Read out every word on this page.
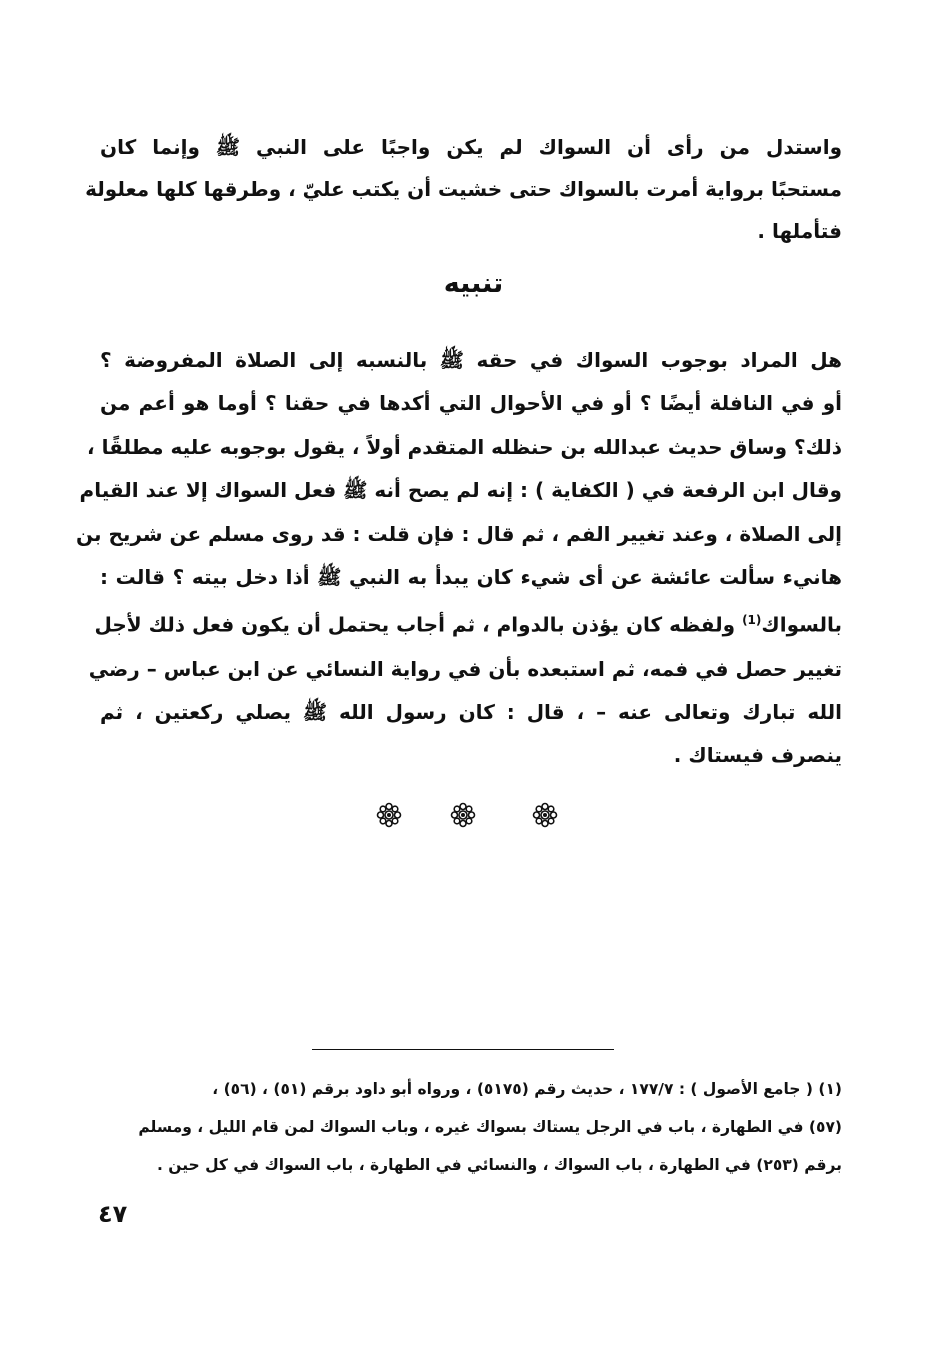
واستدل من رأى أن السواك لم يكن واجبًا على النبي ﷺ وإنما كان
مستحبًا برواية أمرت بالسواك حتى خشيت أن يكتب عليّ ، وطرقها كلها معلولة
فتأملها .
تنبيه
هل المراد بوجوب السواك في حقه ﷺ بالنسبه إلى الصلاة المفروضة ؟
أو في النافلة أيضًا ؟ أو في الأحوال التي أكدها في حقنا ؟ أوما هو أعم من
ذلك؟ وساق حديث عبدالله بن حنظله المتقدم أولاً ، يقول بوجوبه عليه مطلقًا ،
وقال ابن الرفعة في ( الكفاية ) : إنه لم يصح أنه ﷺ فعل السواك إلا عند القيام
إلى الصلاة ، وعند تغيير الفم ، ثم قال : فإن قلت : قد روى مسلم عن شريح بن
هانيء سألت عائشة عن أى شيء كان يبدأ به النبي ﷺ أذا دخل بيته ؟ قالت :
بالسواك$^{(1)}$ ولفظه كان يؤذن بالدوام ، ثم أجاب يحتمل أن يكون فعل ذلك لأجل
تغيير حصل في فمه، ثم استبعده بأن في رواية النسائي عن ابن عباس – رضي
الله تبارك وتعالى عنه – ، قال : كان رسول الله ﷺ يصلي ركعتين ، ثم
ينصرف فيستاك .
(١) ( جامع الأصول ) : ١٧٧/٧ ، حديث رقم (٥١٧٥) ، ورواه أبو داود برقم (٥١) ، (٥٦) ،
(٥٧) في الطهارة ، باب في الرجل يستاك بسواك غيره ، وباب السواك لمن قام الليل ، ومسلم
برقم (٢٥٣) في الطهارة ، باب السواك ، والنسائي في الطهارة ، باب السواك في كل حين .
٤٧
